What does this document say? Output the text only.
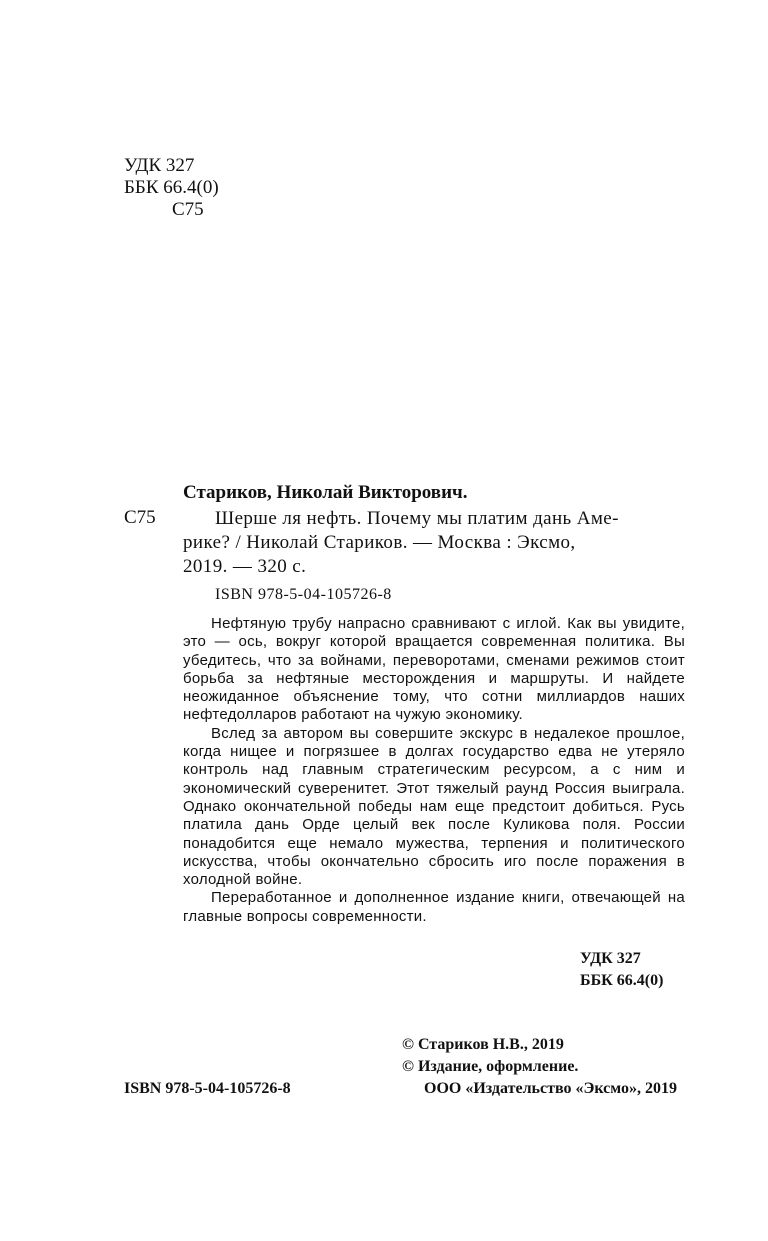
УДК 327
ББК 66.4(0)
С75
Стариков, Николай Викторович.
С75	Шерше ля нефть. Почему мы платим дань Аме-
рике? / Николай Стариков. — Москва : Эксмо,
2019. — 320 с.
ISBN 978-5-04-105726-8

Нефтяную трубу напрасно сравнивают с иглой. Как вы увидите, это — ось, вокруг которой вращается современная политика. Вы убедитесь, что за войнами, переворотами, сменами режимов стоит борьба за нефтяные месторождения и маршруты. И найдете неожиданное объяснение тому, что сотни миллиардов наших нефтедолларов работают на чужую экономику.

Вслед за автором вы совершите экскурс в недалекое прошлое, когда нищее и погрязшее в долгах государство едва не утеряло контроль над главным стратегическим ресурсом, а с ним и экономический суверенитет. Этот тяжелый раунд Россия выиграла. Однако окончательной победы нам еще предстоит добиться. Русь платила дань Орде целый век после Куликова поля. России понадобится еще немало мужества, терпения и политического искусства, чтобы окончательно сбросить иго после поражения в холодной войне.

Переработанное и дополненное издание книги, отвечающей на главные вопросы современности.

УДК 327
ББК 66.4(0)
© Стариков Н.В., 2019
© Издание, оформление.
ISBN 978-5-04-105726-8	ООО «Издательство «Эксмо», 2019
